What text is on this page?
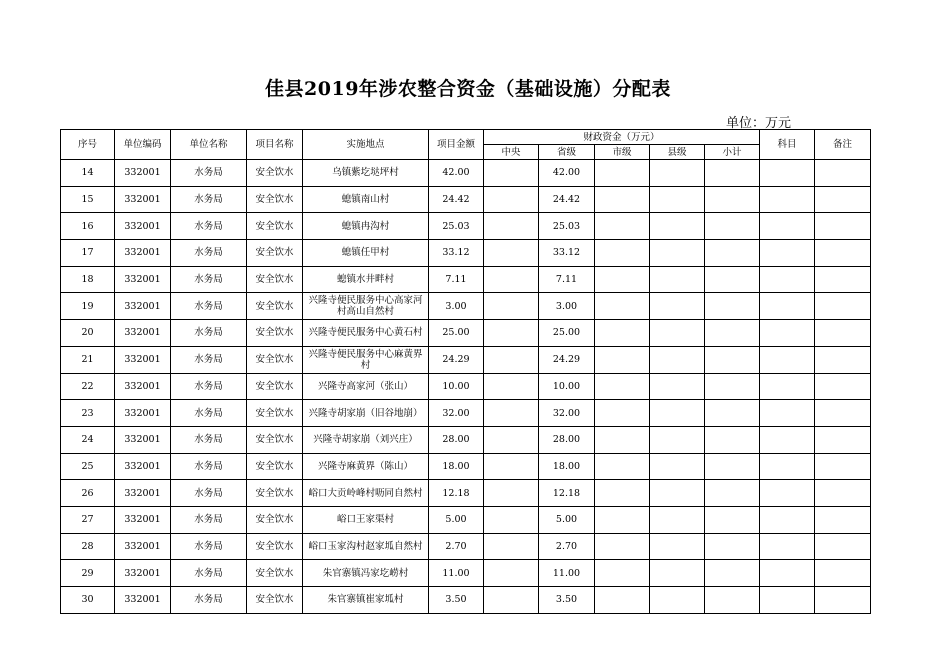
佳县2019年涉农整合资金（基础设施）分配表
单位：万元
序号	单位编码	单位名称	项目名称	实施地点	项目金额	财政资金（万元）					科目	备注
						中央	省级	市级	县级	小计		
14	332001	水务局	安全饮水	乌镇紫圪垯坪村	42.00		42.00					
15	332001	水务局	安全饮水	螅镇南山村	24.42		24.42					
16	332001	水务局	安全饮水	螅镇冉沟村	25.03		25.03					
17	332001	水务局	安全饮水	螅镇任甲村	33.12		33.12					
18	332001	水务局	安全饮水	螅镇水井畔村	7.11		7.11					
19	332001	水务局	安全饮水	兴隆寺便民服务中心高家河村高山自然村	3.00		3.00					
20	332001	水务局	安全饮水	兴隆寺便民服务中心黄石村	25.00		25.00					
21	332001	水务局	安全饮水	兴隆寺便民服务中心麻黄界村	24.29		24.29					
22	332001	水务局	安全饮水	兴隆寺高家河（张山）	10.00		10.00					
23	332001	水务局	安全饮水	兴隆寺胡家崩（旧谷地崩）	32.00		32.00					
24	332001	水务局	安全饮水	兴隆寺胡家崩（刘兴庄）	28.00		28.00					
25	332001	水务局	安全饮水	兴隆寺麻黄界（陈山）	18.00		18.00					
26	332001	水务局	安全饮水	峪口大贡岭峰村呖同自然村	12.18		12.18					
27	332001	水务局	安全饮水	峪口王家渠村	5.00		5.00					
28	332001	水务局	安全饮水	峪口玉家沟村赵家坬自然村	2.70		2.70					
29	332001	水务局	安全饮水	朱官寨镇冯家圪崂村	11.00		11.00					
30	332001	水务局	安全饮水	朱官寨镇崔家坬村	3.50		3.50					
